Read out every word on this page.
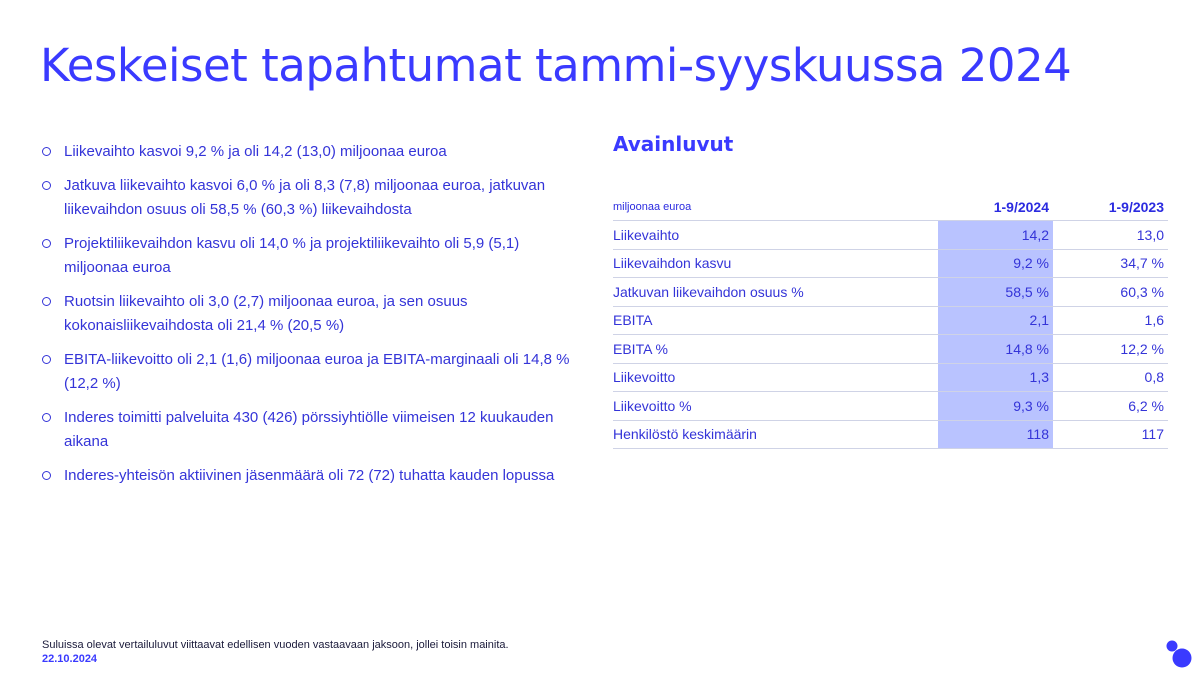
Keskeiset tapahtumat tammi-syyskuussa 2024
Liikevaihto kasvoi 9,2 % ja oli 14,2 (13,0) miljoonaa euroa
Jatkuva liikevaihto kasvoi 6,0 % ja oli 8,3 (7,8) miljoonaa euroa, jatkuvan liikevaihdon osuus oli 58,5 % (60,3 %) liikevaihdosta
Projektiliikevaihdon kasvu oli 14,0 % ja projektiliikevaihto oli 5,9 (5,1) miljoonaa euroa
Ruotsin liikevaihto oli 3,0 (2,7) miljoonaa euroa, ja sen osuus kokonaisliikevaihdosta oli 21,4 % (20,5 %)
EBITA-liikevoitto oli 2,1 (1,6) miljoonaa euroa ja EBITA-marginaali oli 14,8 % (12,2 %)
Inderes toimitti palveluita 430 (426) pörssiyhtiölle viimeisen 12 kuukauden aikana
Inderes-yhteisön aktiivinen jäsenmäärä oli 72 (72) tuhatta kauden lopussa
Avainluvut
miljoonaa euroa	1-9/2024	1-9/2023
Liikevaihto	14,2	13,0
Liikevaihdon kasvu	9,2 %	34,7 %
Jatkuvan liikevaihdon osuus %	58,5 %	60,3 %
EBITA	2,1	1,6
EBITA %	14,8 %	12,2 %
Liikevoitto	1,3	0,8
Liikevoitto %	9,3 %	6,2 %
Henkilöstö keskimäärin	118	117
Suluissa olevat vertailuluvut viittaavat edellisen vuoden vastaavaan jaksoon, jollei toisin mainita.
22.10.2024
